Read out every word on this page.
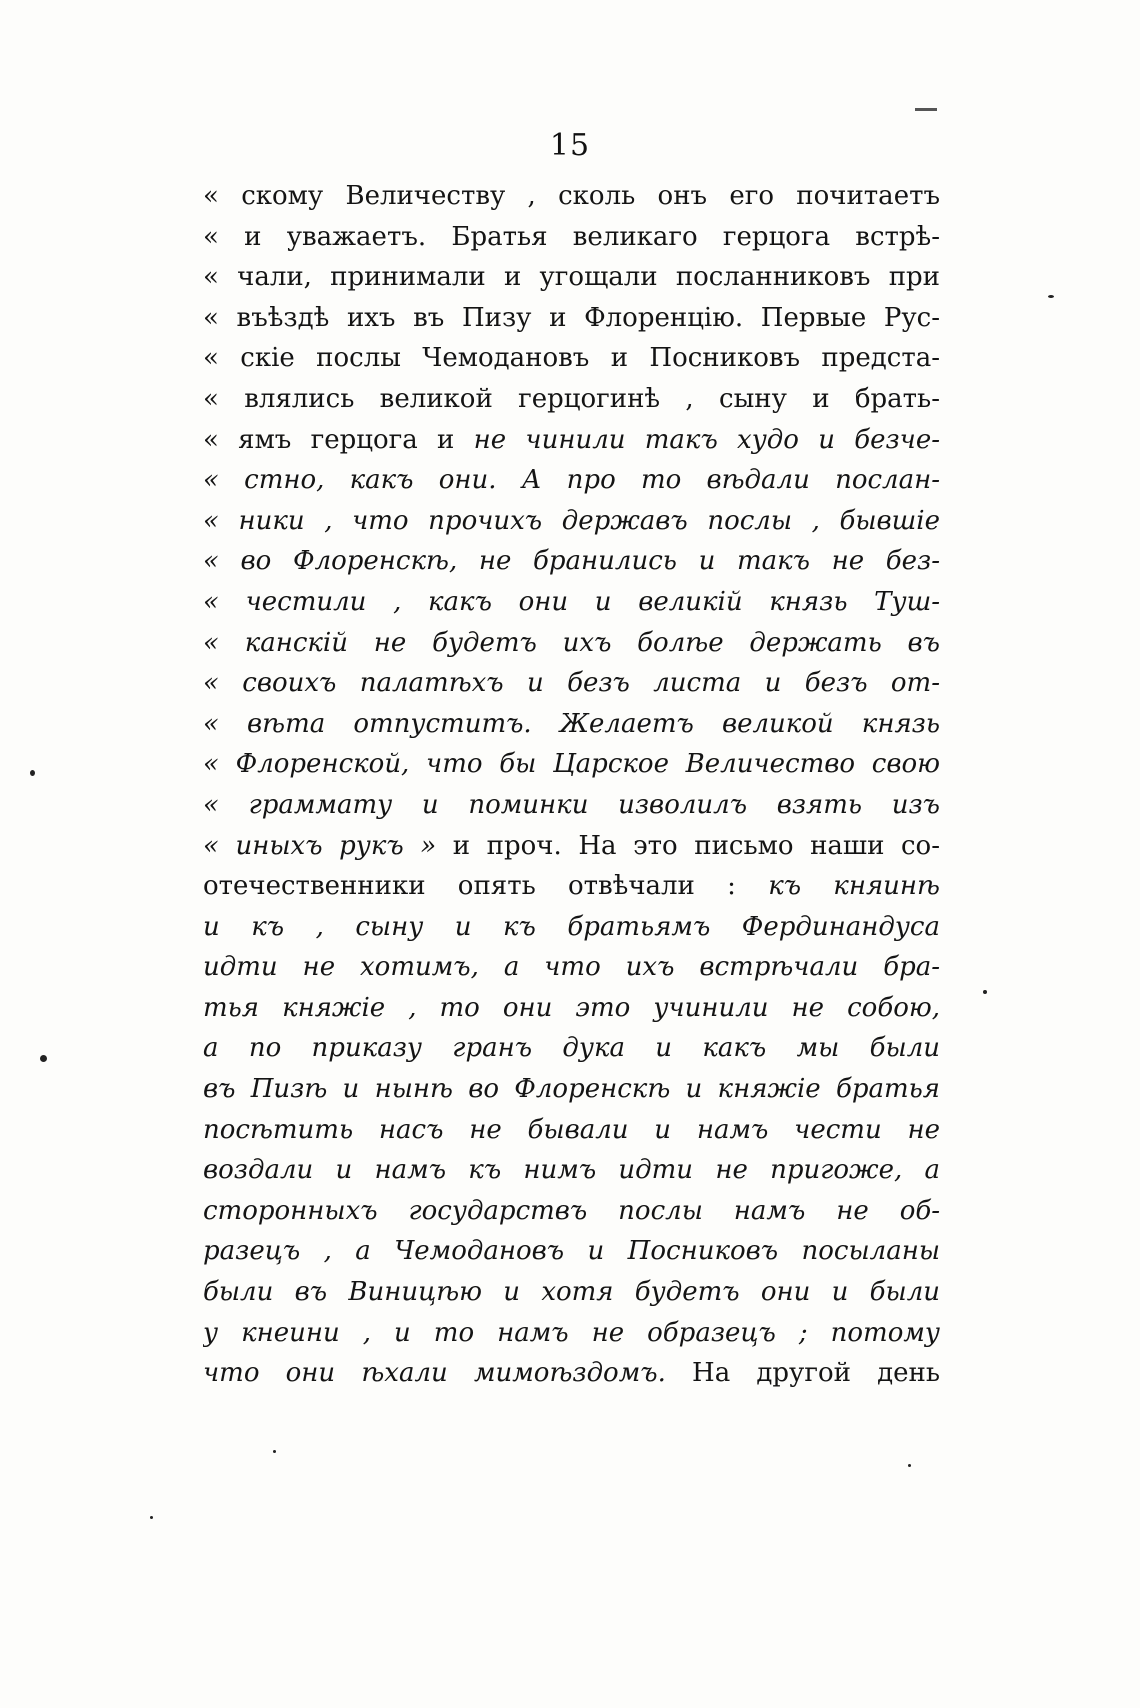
15
« скому Величеству , сколь онъ его почитаетъ
« и уважаетъ. Братья великаго герцога встрѣ-
« чали, принимали и угощали посланниковъ при
« въѣздѣ ихъ въ Пизу и Флоренцію. Первые Рус-
« скіе послы Чемодановъ и Посниковъ предста-
« влялись великой герцогинѣ , сыну и брать-
« ямъ герцога и не чинили такъ худо и безче-
« стно, какъ они. А про то вѣдали послан-
« ники , что прочихъ державъ послы , бывшіе
« во Флоренскѣ, не бранились и такъ не без-
« честили , какъ они и великій князь Туш-
« канскій не будетъ ихъ болѣе держать въ
« своихъ палатѣхъ и безъ листа и безъ от-
« вѣта отпуститъ. Желаетъ великой князь
« Флоренской, что бы Царское Величество свою
« граммату и поминки изволилъ взять изъ
« иныхъ рукъ » и проч. На это письмо наши со-
отечественники опять отвѣчали : къ княинѣ
и къ , сыну и къ братьямъ Фердинандуса
идти не хотимъ, а что ихъ встрѣчали бра-
тья княжіе , то они это учинили не собою,
а по приказу гранъ дука и какъ мы были
въ Пизѣ и нынѣ во Флоренскѣ и княжіе братья
посѣтить насъ не бывали и намъ чести не
воздали и намъ къ нимъ идти не пригоже, а
сторонныхъ государствъ послы намъ не об-
разецъ , а Чемодановъ и Посниковъ посыланы
были въ Виницѣю и хотя будетъ они и были
у кнеини , и то намъ не образецъ ; потому
что они ѣхали мимоѣздомъ. На другой день
